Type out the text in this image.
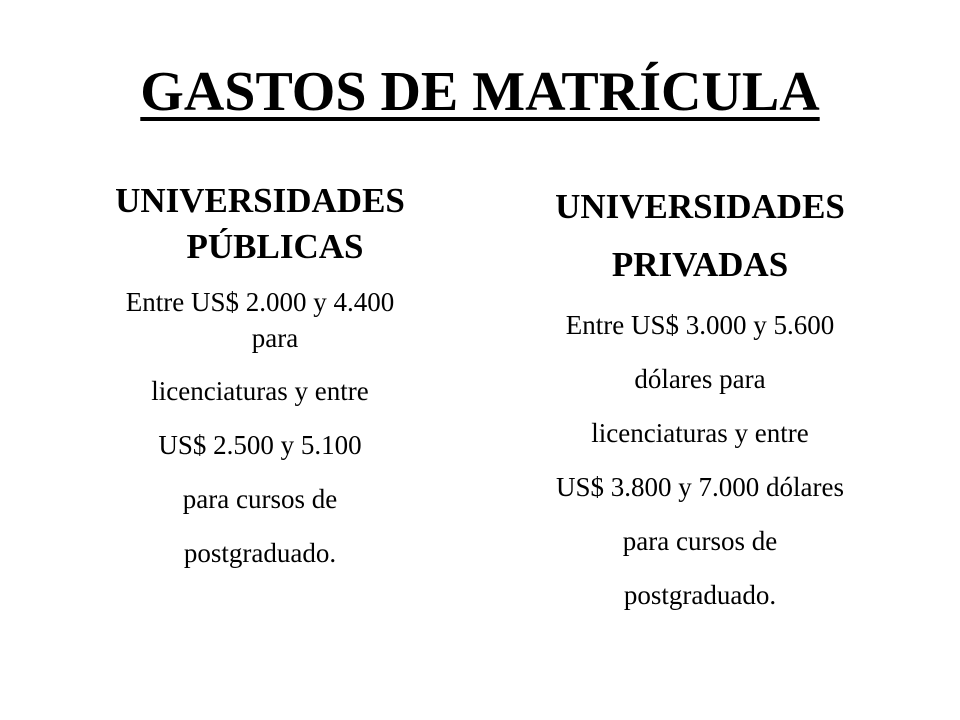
GASTOS DE MATRÍCULA
UNIVERSIDADES
PÚBLICAS
Entre US$ 2.000 y 4.400
para
licenciaturas y entre
US$ 2.500 y 5.100
para cursos de
postgraduado.
UNIVERSIDADES
PRIVADAS
Entre US$ 3.000 y 5.600
dólares para
licenciaturas y entre
US$ 3.800 y 7.000 dólares
para cursos de
postgraduado.
